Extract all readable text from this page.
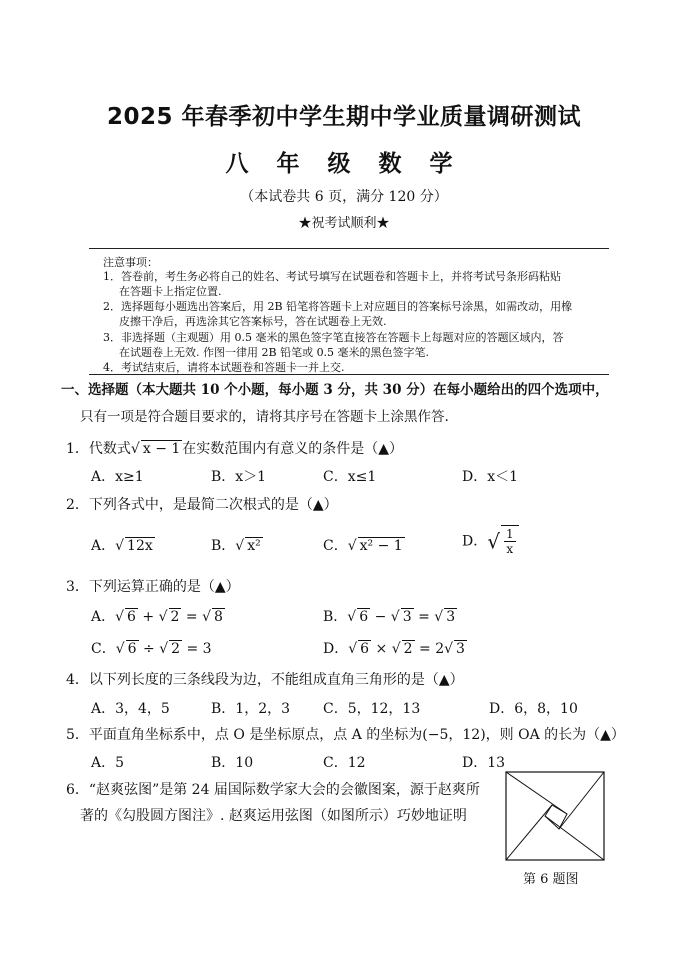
2025 年春季初中学生期中学业质量调研测试
八 年 级 数 学
（本试卷共 6 页，满分 120 分）
★祝考试顺利★
注意事项：
1．答卷前，考生务必将自己的姓名、考试号填写在试题卷和答题卡上，并将考试号条形码粘贴
在答题卡上指定位置.
2．选择题每小题选出答案后，用 2B 铅笔将答题卡上对应题目的答案标号涂黑，如需改动，用橡
皮擦干净后，再选涂其它答案标号，答在试题卷上无效.
3．非选择题（主观题）用 0.5 毫米的黑色签字笔直接答在答题卡上每题对应的答题区域内，答
在试题卷上无效. 作图一律用 2B 铅笔或 0.5 毫米的黑色签字笔.
4．考试结束后，请将本试题卷和答题卡一并上交.
一、选择题（本大题共 10 个小题，每小题 3 分，共 30 分）在每小题给出的四个选项中，
只有一项是符合题目要求的，请将其序号在答题卡上涂黑作答.
1．代数式√ x − 1 在实数范围内有意义的条件是（▲）
A．x≥1	B．x＞1	C．x≤1	D．x＜1
2．下列各式中，是最简二次根式的是（▲）
A．√ 12x	B．√ x²	C．√ x² − 1	D．√ $\frac{1}{x}$
3．下列运算正确的是（▲）
A．√ 6 + √ 2 = √ 8	B．√ 6 − √ 3 = √ 3
C．√ 6 ÷ √ 2 = 3	D．√ 6 × √ 2 = 2√ 3
4．以下列长度的三条线段为边，不能组成直角三角形的是（▲）
A．3，4，5	B．1，2，3 C．5，12，13	D．6，8，10
5．平面直角坐标系中，点 O 是坐标原点，点 A 的坐标为(−5，12)，则 OA 的长为（▲）
A．5	B．10	C．12	D．13
6．“赵爽弦图”是第 24 届国际数学家大会的会徽图案，源于赵爽所
著的《勾股圆方图注》. 赵爽运用弦图（如图所示）巧妙地证明
第 6 题图
